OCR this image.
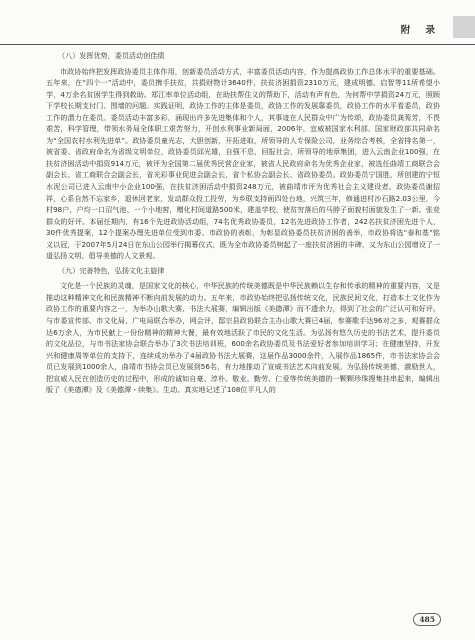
附 录
（八）发挥优势，委员活动创佳绩

市政协始终把发挥政协委员主体作用，创新委员活动方式，丰富委员活动内容，作为提高政协工作总体水平的重要基础。五年来，在“四个一”活动中，委员携手扶贫，共捐财物计3640件，扶贫济困捐资2310万元，建成明德、启智等11所希望小学，4万余名贫困学生得到救助。郑江率单位活动组，在助扶帮住义的帮助下，活动有声有色，为何帮中学捐资24万元，照顾下学校长期支付门、围墙的问题。实践证明，政协工作的主体是委员，政协工作的发展靠委员，政协工作的水平看委员，政协工作的潜力在委员。委员活动丰富多彩，涌现出许多先进集体和个人，其事迹在人民群众中广为传颂，政协委员龚莠芳，不畏艰苦，科学管理，带领水务局全体职工艰苦努力，开创水利事业新局面，2006年，宜威被国家水利部、国家财政部共同命名为“全国农村水利先进单”。政协委员童光志，大胆创新，开拓进取，所领导的人专保险公司，业务综合考核，全省排名第一，被省委、省政府命名为省级文明单位，政协委员邱光雄，自强不息，回报社会，所领导的地章集团，进入云南企业100强，在扶贫济困活动中捐资914万元，被评为全国第二届优秀民营企业家，被省人民政府命名为优秀企业家，被选任曲靖工商联合会副会长、省工商联合会副会长，省光彩事业促进会副会长，省个私协会副会长、省政协委员。政协委员宁国胜，所创建的宁恒水泥公司已进入云南中小企业100强，在扶贫济困活动中捐资248万元，被曲靖市评为优秀社会主义建设者。政协委员谢招祥，心系自然不忘家乡，退休回老家，发动群众投工投劳，为乡联支持面四处台地，兴筑三年，修通进村沙石路2.03公里，今村98户，户均一口沼气池、一个小地窖，赠化村间道路500米，建盖学校，使贫穷落后的马脖子面貌村面貌发生了一新。张竞群众的好评。本届任期内，有16个先进政协活动组，74名优秀政协委员，12名先进政协工作者，242名扶贫济困先进个人，30件优秀提案，12个提案办理先进单位受到市委、市政协的表彰，为彰显政协委员扶贫济困的善举，市政协将选“泰和基”铭义以冠，于2007年5月24日在东山公园举行揭幕仪式，既为全市政协委员树起了一座扶贫济困的丰碑，又为东山公园增设了一道弘扬文明、倡导美德的人文景观。

（九）完善特色，弘扬文化主旋律

文化是一个民族的灵魂，是国家文化的核心，中华民族的传统美德既是中华民族赖以生存和传承的精神的重要内容，又是推动这种精神文化和民族精神不断向前发展的动力。五年来，市政协始终把弘扬传统文化，民族民间文化，打造本土文化作为政协工作的重要内容之一，为举办山歌大赛、书法大展赛，编辑出版《美德潭》而不遗余力，得到了社会的广泛认可和好评。与市委宣传部、市文化局、广电局联合举办，网会评，邸宗县政协联合主办山歌大赛已4届，参赛歌手达96对之多，观赛群众达6万余人，为市民献上一份份精神的精神大餐，最有效地活跃了市民的文化生活。为弘扬有悠久历史的书法艺术，提升委员的文化品位，与市书法家协会联合举办了3次书法培训班，600余名政协委员及书法爱好者参加培训学习；在健康坚持，开发兴和健康周等单位的支持下，连续成功举办了4届政协书法大展赛，这届作品3000余件，入展作品1865件，市书法家协会会员已发展到1000余人，曲靖市书协会员已发展到56名，有力地推动了宣威书法艺术向前发展。为弘扬传统美德，激励世人，把宣威人民在创造历史的过程中，形成的诚如自豪、淳朴、敬业、勤劳、仁爱等传统美德的一颗颗珍珠搜集挂串起来，编辑出版了《美德潭》及《美德潭・续集》。生动、真实地记述了108位平凡人的

485
